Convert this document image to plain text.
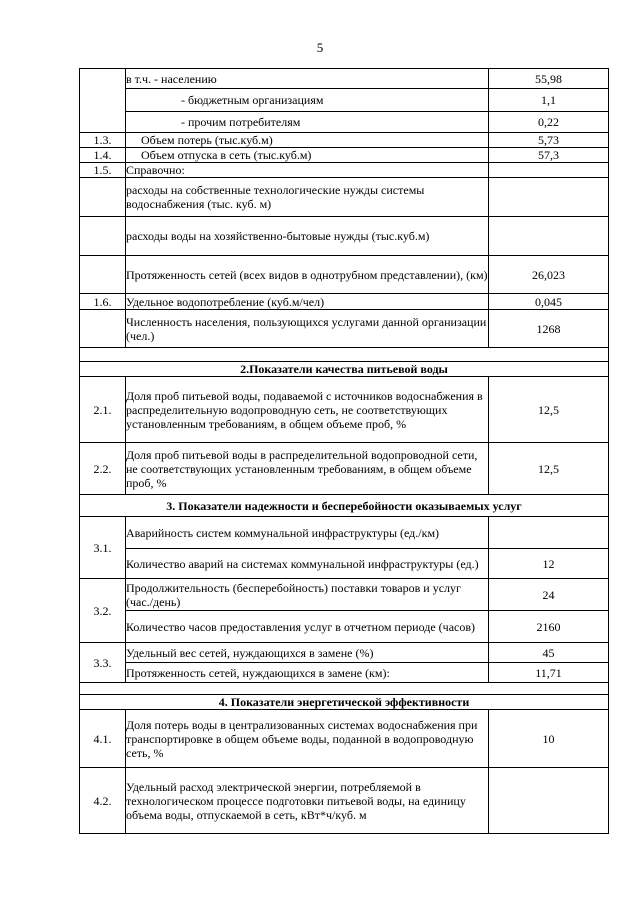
5
	в т.ч. - населению	55,98
	- бюджетным организациям	1,1
	- прочим потребителям	0,22
1.3.	Объем потерь (тыс.куб.м)	5,73
1.4.	Объем отпуска в сеть (тыс.куб.м)	57,3
1.5.	Справочно:	
	расходы на собственные технологические нужды системы водоснабжения (тыс. куб. м)	
	расходы воды на хозяйственно-бытовые нужды (тыс.куб.м)	
	Протяженность сетей (всех видов в однотрубном представлении), (км)	26,023
1.6.	Удельное водопотребление (куб.м/чел)	0,045
	Численность населения, пользующихся услугами данной организации (чел.)	1268

2.Показатели качества питьевой воды		
2.1.	Доля проб питьевой воды, подаваемой с источников водоснабжения в распределительную водопроводную сеть, не соответствующих установленным требованиям, в общем объеме проб, %	12,5
2.2.	Доля проб питьевой воды в распределительной водопроводной сети, не соответствующих установленным требованиям, в общем объеме проб, %	12,5
3. Показатели надежности и бесперебойности оказываемых услуг		
3.1.	Аварийность систем коммунальной инфраструктуры (ед./км)	
	Количество аварий на системах коммунальной инфраструктуры (ед.)	12
3.2.	Продолжительность (бесперебойность) поставки товаров и услуг (час./день)	24
	Количество часов предоставления услуг в отчетном периоде (часов)	2160
3.3.	Удельный вес сетей, нуждающихся в замене (%)	45
	Протяженность сетей, нуждающихся в замене (км):	11,71

4. Показатели энергетической эффективности		
4.1.	Доля потерь воды в централизованных системах водоснабжения при транспортировке в общем объеме воды, поданной в водопроводную сеть, %	10
4.2.	Удельный расход электрической энергии, потребляемой в технологическом процессе подготовки питьевой воды, на единицу объема воды, отпускаемой в сеть, кВт*ч/куб. м	
